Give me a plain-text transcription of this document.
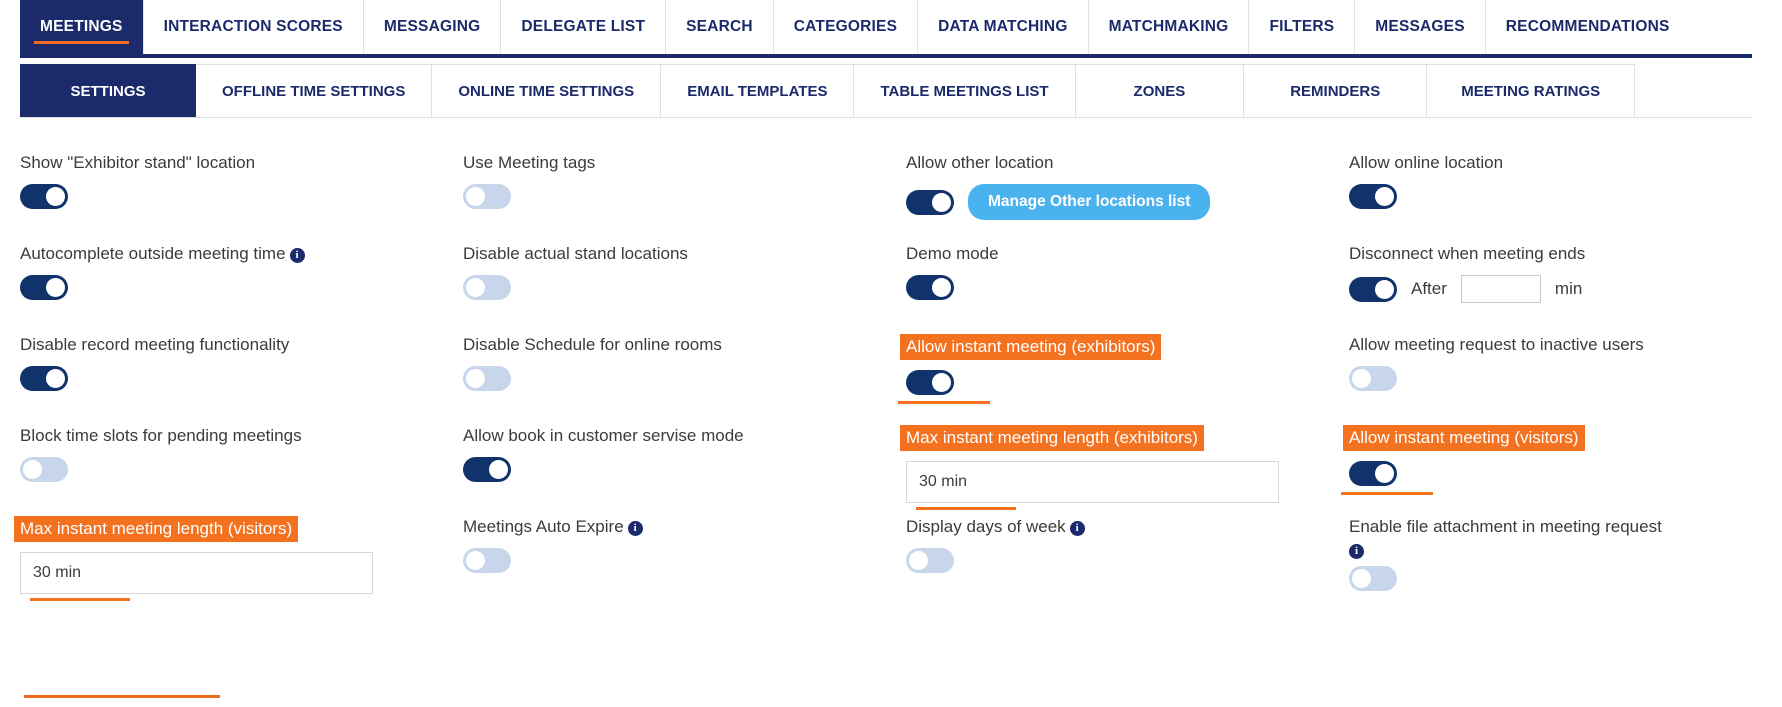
MEETINGS	INTERACTION SCORES	MESSAGING	DELEGATE LIST	SEARCH	CATEGORIES	DATA MATCHING	MATCHMAKING	FILTERS	MESSAGES	RECOMMENDATIONS
SETTINGS	OFFLINE TIME SETTINGS	ONLINE TIME SETTINGS	EMAIL TEMPLATES	TABLE MEETINGS LIST	ZONES	REMINDERS	MEETING RATINGS
Show "Exhibitor stand" location	Use Meeting tags	Allow other location
Manage Other locations list
Allow online location
Autocomplete outside meeting time i	Disable actual stand locations	Demo mode	Disconnect when meeting ends
After	min
Disable record meeting functionality	Disable Schedule for online rooms	Allow instant meeting (exhibitors)	Allow meeting request to inactive users
Block time slots for pending meetings	Allow book in customer servise mode	Max instant meeting length (exhibitors)
30 min	Allow instant meeting (visitors)
Max instant meeting length (visitors)
30 min	Meetings Auto Expire i	Display days of week i	Enable file attachment in meeting request
i
